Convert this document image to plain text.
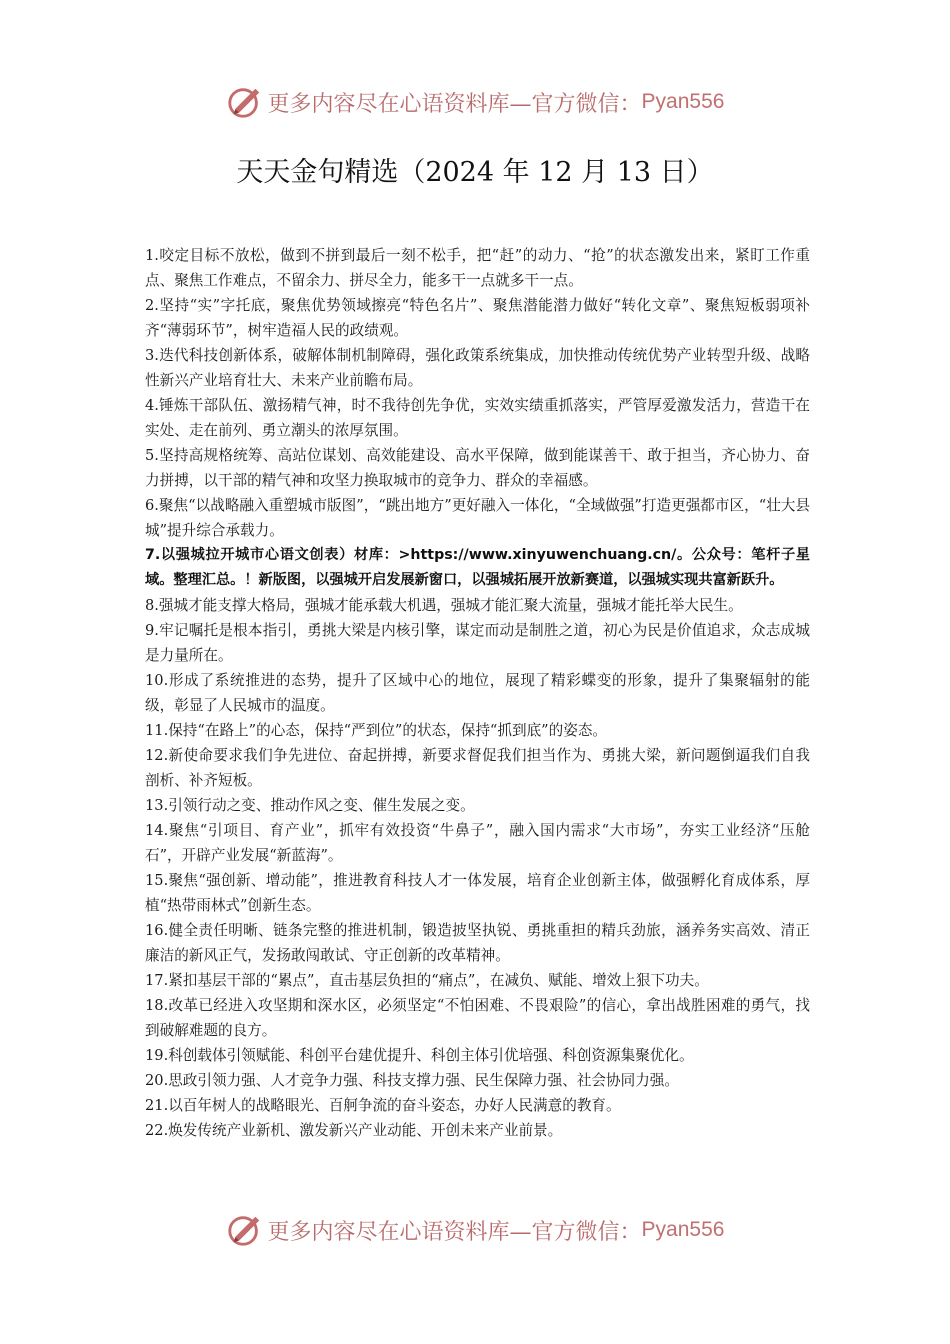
更多内容尽在心语资料库—官方微信： Pyan556
天天金句精选（2024 年 12 月 13 日）

1.咬定目标不放松，做到不拼到最后一刻不松手，把“赶”的动力、“抢”的状态激发出来，紧盯工作重点、聚焦工作难点，不留余力、拼尽全力，能多干一点就多干一点。

2.坚持“实”字托底，聚焦优势领域擦亮“特色名片”、聚焦潜能潜力做好“转化文章”、聚焦短板弱项补齐“薄弱环节”，树牢造福人民的政绩观。

3.迭代科技创新体系，破解体制机制障碍，强化政策系统集成，加快推动传统优势产业转型升级、战略性新兴产业培育壮大、未来产业前瞻布局。

4.锤炼干部队伍、激扬精气神，时不我待创先争优，实效实绩重抓落实，严管厚爱激发活力，营造干在实处、走在前列、勇立潮头的浓厚氛围。

5.坚持高规格统筹、高站位谋划、高效能建设、高水平保障，做到能谋善干、敢于担当，齐心协力、奋力拼搏，以干部的精气神和攻坚力换取城市的竞争力、群众的幸福感。

6.聚焦“以战略融入重塑城市版图”，“跳出地方”更好融入一体化，“全域做强”打造更强都市区，“壮大县城”提升综合承载力。

7.以强城拉开城市心语文创表）材库：>https://www.xinyuwenchuang.cn/。公众号：笔杆子星域。整理汇总。！新版图，以强城开启发展新窗口，以强城拓展开放新赛道，以强城实现共富新跃升。

8.强城才能支撑大格局，强城才能承载大机遇，强城才能汇聚大流量，强城才能托举大民生。

9.牢记嘱托是根本指引，勇挑大梁是内核引擎，谋定而动是制胜之道，初心为民是价值追求，众志成城是力量所在。

10.形成了系统推进的态势，提升了区域中心的地位，展现了精彩蝶变的形象，提升了集聚辐射的能级，彰显了人民城市的温度。

11.保持“在路上”的心态，保持“严到位”的状态，保持“抓到底”的姿态。

12.新使命要求我们争先进位、奋起拼搏，新要求督促我们担当作为、勇挑大梁，新问题倒逼我们自我剖析、补齐短板。

13.引领行动之变、推动作风之变、催生发展之变。

14.聚焦“引项目、育产业”，抓牢有效投资“牛鼻子”，融入国内需求“大市场”，夯实工业经济“压舱石”，开辟产业发展“新蓝海”。

15.聚焦“强创新、增动能”，推进教育科技人才一体发展，培育企业创新主体，做强孵化育成体系，厚植“热带雨林式”创新生态。

16.健全责任明晰、链条完整的推进机制，锻造披坚执锐、勇挑重担的精兵劲旅，涵养务实高效、清正廉洁的新风正气，发扬敢闯敢试、守正创新的改革精神。

17.紧扣基层干部的“累点”，直击基层负担的“痛点”，在减负、赋能、增效上狠下功夫。

18.改革已经进入攻坚期和深水区，必须坚定“不怕困难、不畏艰险”的信心，拿出战胜困难的勇气，找到破解难题的良方。

19.科创载体引领赋能、科创平台建优提升、科创主体引优培强、科创资源集聚优化。

20.思政引领力强、人才竞争力强、科技支撑力强、民生保障力强、社会协同力强。

21.以百年树人的战略眼光、百舸争流的奋斗姿态，办好人民满意的教育。

22.焕发传统产业新机、激发新兴产业动能、开创未来产业前景。

更多内容尽在心语资料库—官方微信： Pyan556
